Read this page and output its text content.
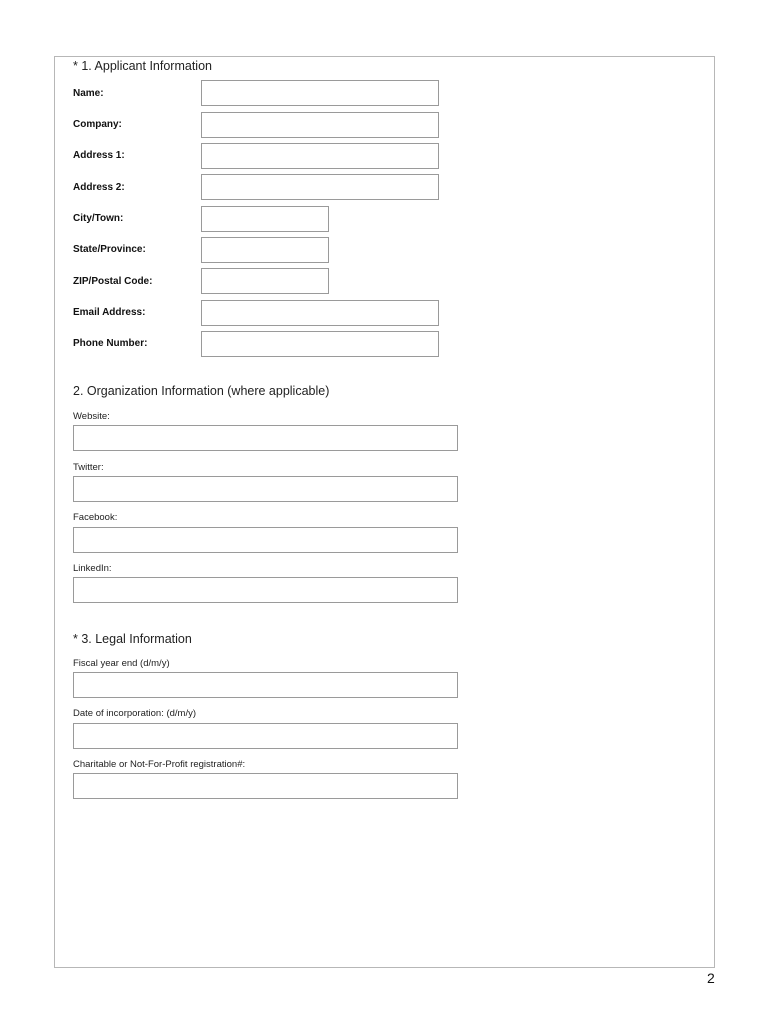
* 1. Applicant Information
Name:
Company:
Address 1:
Address 2:
City/Town:
State/Province:
ZIP/Postal Code:
Email Address:
Phone Number:
2. Organization Information (where applicable)
Website:
Twitter:
Facebook:
LinkedIn:
* 3. Legal Information
Fiscal year end (d/m/y)
Date of incorporation: (d/m/y)
Charitable or Not-For-Profit registration#:
2
